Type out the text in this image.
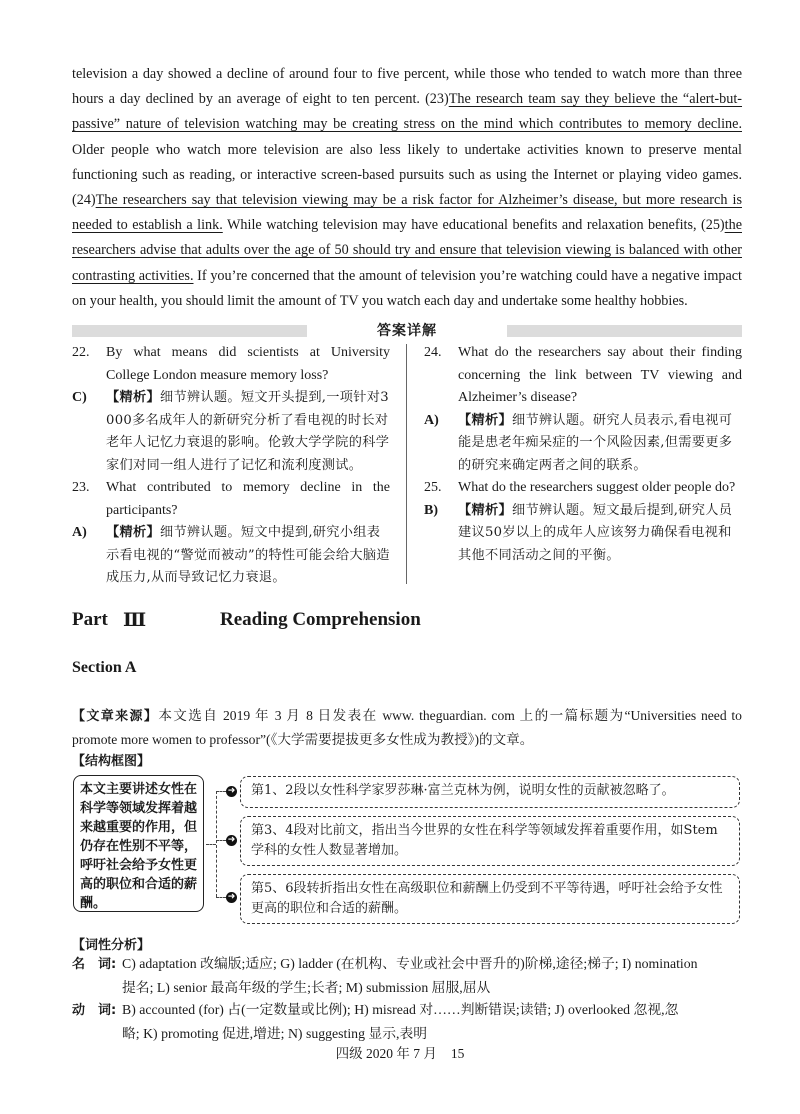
television a day showed a decline of around four to five percent, while those who tended to watch more than three hours a day declined by an average of eight to ten percent. (23)The research team say they believe the “alert-but-passive” nature of television watching may be creating stress on the mind which contributes to memory decline. Older people who watch more television are also less likely to undertake activities known to preserve mental functioning such as reading, or interactive screen-based pursuits such as using the Internet or playing video games. (24)The researchers say that television viewing may be a risk factor for Alzheimer’s disease, but more research is needed to establish a link. While watching television may have educational benefits and relaxation benefits, (25)the researchers advise that adults over the age of 50 should try and ensure that television viewing is balanced with other contrasting activities. If you’re concerned that the amount of television you’re watching could have a negative impact on your health, you should limit the amount of TV you watch each day and undertake some healthy hobbies.

答案详解
22.	By what means did scientists at University College London measure memory loss?
C)	【精析】细节辨认题。短文开头提到,一项针对3 000多名成年人的新研究分析了看电视的时长对老年人记忆力衰退的影响。伦敦大学学院的科学家们对同一组人进行了记忆和流利度测试。
23.	What contributed to memory decline in the participants?
A)	【精析】细节辨认题。短文中提到,研究小组表示看电视的“警觉而被动”的特性可能会给大脑造成压力,从而导致记忆力衰退。
24.	What do the researchers say about their finding concerning the link between TV viewing and Alzheimer’s disease?
A)	【精析】细节辨认题。研究人员表示,看电视可能是患老年痴呆症的一个风险因素,但需要更多的研究来确定两者之间的联系。
25.	What do the researchers suggest older people do?
B)	【精析】细节辨认题。短文最后提到,研究人员建议50岁以上的成年人应该努力确保看电视和其他不同活动之间的平衡。
Part Ⅲ	Reading Comprehension
Section A
【文章来源】本文选自 2019 年 3 月 8 日发表在 www. theguardian. com 上的一篇标题为“Universities need to promote more women to professor”(《大学需要提拔更多女性成为教授》)的文章。
【结构框图】
本文主要讲述女性在科学等领域发挥着越来越重要的作用，但仍存在性别不平等，呼吁社会给予女性更高的职位和合适的薪酬。
➜
➜
➜
第1、2段以女性科学家罗莎琳·富兰克林为例，说明女性的贡献被忽略了。
第3、4段对比前文，指出当今世界的女性在科学等领域发挥着重要作用，如Stem学科的女性人数显著增加。
第5、6段转折指出女性在高级职位和薪酬上仍受到不平等待遇，呼吁社会给予女性更高的职位和合适的薪酬。
【词性分析】
名　词: C) adaptation 改编版;适应; G) ladder (在机构、专业或社会中晋升的)阶梯,途径;梯子; I) nomination
提名; L) senior 最高年级的学生;长者; M) submission 屈服,屈从
动　词: B) accounted (for) 占(一定数量或比例); H) misread 对……判断错误;读错; J) overlooked 忽视,忽
略; K) promoting 促进,增进; N) suggesting 显示,表明
四级 2020 年 7 月 15
